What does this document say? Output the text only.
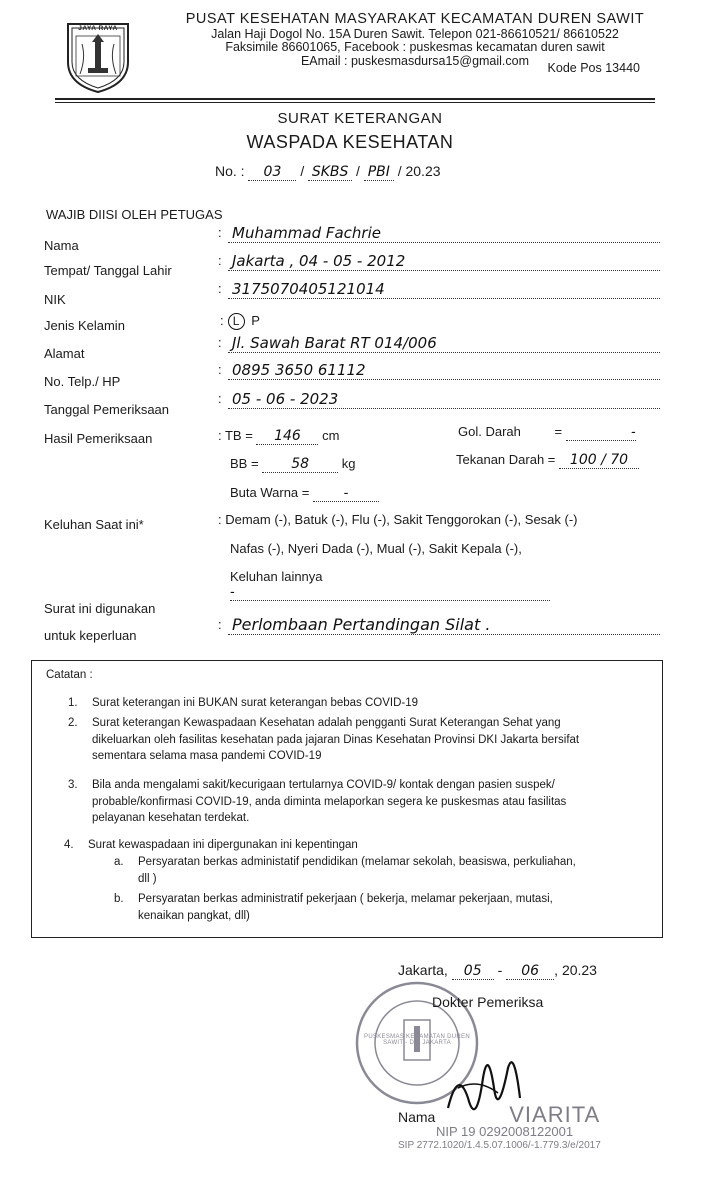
JAYA RAYA
PUSAT KESEHATAN MASYARAKAT KECAMATAN DUREN SAWIT
Jalan Haji Dogol No. 15A Duren Sawit. Telepon 021-86610521/ 86610522
Faksimile 86601065, Facebook : puskesmas kecamatan duren sawit
EAmail : puskesmasdursa15@gmail.com
Kode Pos 13440
SURAT KETERANGAN
WASPADA KESEHATAN
No. : 03 / SKBS / PBI / 20.23
WAJIB DIISI OLEH PETUGAS
Nama
: Muhammad Fachrie
Tempat/ Tanggal Lahir
: Jakarta , 04 - 05 - 2012
NIK
: 3175070405121014
Jenis Kelamin	: L P
Alamat
: Jl. Sawah Barat RT 014/006
No. Telp./ HP
: 0895 3650 61112
Tanggal Pemeriksaan
: 05 - 06 - 2023
Hasil Pemeriksaan	: TB = 146 cm
BB = 58	kg
Buta Warna =	-
Gol. Darah	=	-
Tekanan Darah = 100 / 70
Keluhan Saat ini*	: Demam (-), Batuk (-), Flu (-), Sakit Tenggorokan (-), Sesak (-)
Nafas (-), Nyeri Dada (-), Mual (-), Sakit Kepala (-),
Keluhan lainnya -
Surat ini digunakan
untuk keperluan
: Perlombaan Pertandingan Silat .
Catatan :
1. Surat keterangan ini BUKAN surat keterangan bebas COVID-19
2. Surat keterangan Kewaspadaan Kesehatan adalah pengganti Surat Keterangan Sehat yang
dikeluarkan oleh fasilitas kesehatan pada jajaran Dinas Kesehatan Provinsi DKI Jakarta bersifat
sementara selama masa pandemi COVID-19
3. Bila anda mengalami sakit/kecurigaan tertularnya COVID-9/ kontak dengan pasien suspek/
probable/konfirmasi COVID-19, anda diminta melaporkan segera ke puskesmas atau fasilitas
pelayanan kesehatan terdekat.
4. Surat kewaspadaan ini dipergunakan ini kepentingan
a. Persyaratan berkas administatif pendidikan (melamar sekolah, beasiswa, perkuliahan,
dll )
b. Persyaratan berkas administratif pekerjaan ( bekerja, melamar pekerjaan, mutasi,
kenaikan pangkat, dll)
PUSKESMAS KECAMATAN DUREN SAWIT - DKI JAKARTA
Jakarta, 05 - 06 , 20.23
Dokter Pemeriksa
Nama	VIARITA
NIP 19 0292008122001
SIP 2772.1020/1.4.5.07.1006/-1.779.3/e/2017
